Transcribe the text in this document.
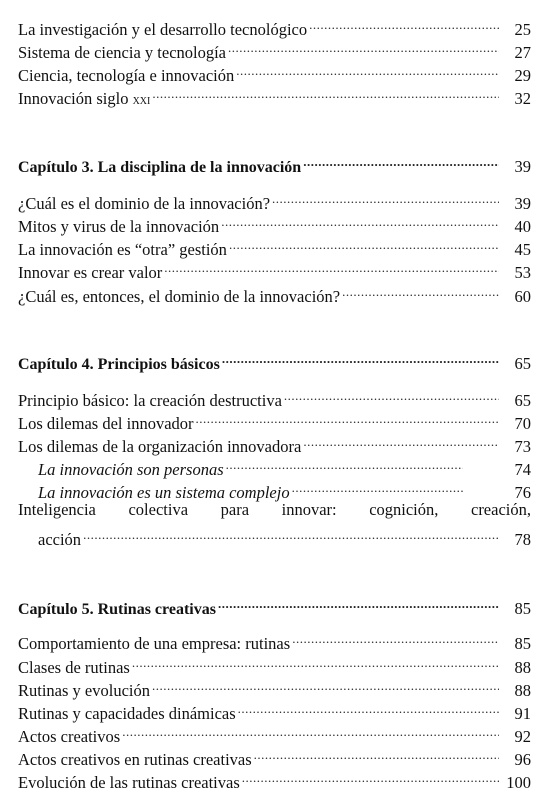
La investigación y el desarrollo tecnológico .....	25
Sistema de ciencia y tecnología .....	27
Ciencia, tecnología e innovación .....	29
Innovación siglo xxi .....	32
Capítulo 3. La disciplina de la innovación .....	39
¿Cuál es el dominio de la innovación? .....	39
Mitos y virus de la innovación .....	40
La innovación es “otra” gestión .....	45
Innovar es crear valor .....	53
¿Cuál es, entonces, el dominio de la innovación? .....	60
Capítulo 4. Principios básicos .....	65
Principio básico: la creación destructiva .....	65
Los dilemas del innovador .....	70
Los dilemas de la organización innovadora .....	73
La innovación son personas .....	74
La innovación es un sistema complejo .....	76
Inteligencia colectiva para innovar: cognición, creación,
acción .....	78
Capítulo 5. Rutinas creativas .....	85
Comportamiento de una empresa: rutinas .....	85
Clases de rutinas .....	88
Rutinas y evolución .....	88
Rutinas y capacidades dinámicas .....	91
Actos creativos .....	92
Actos creativos en rutinas creativas .....	96
Evolución de las rutinas creativas .....	100
